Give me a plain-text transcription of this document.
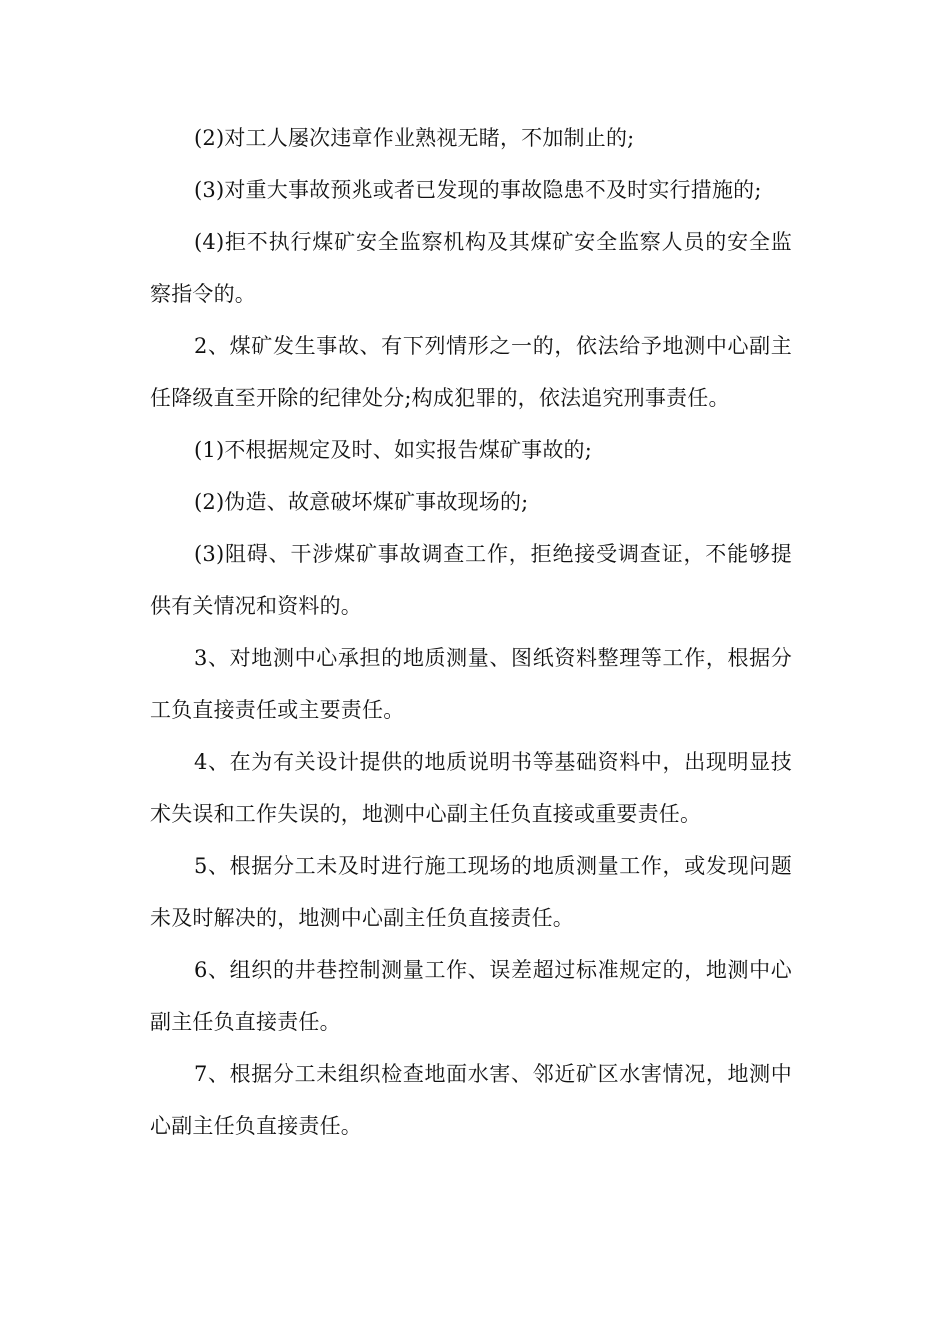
(2)对工人屡次违章作业熟视无睹，不加制止的;

(3)对重大事故预兆或者已发现的事故隐患不及时实行措施的;

(4)拒不执行煤矿安全监察机构及其煤矿安全监察人员的安全监察指令的。

2、煤矿发生事故、有下列情形之一的，依法给予地测中心副主任降级直至开除的纪律处分;构成犯罪的，依法追究刑事责任。

(1)不根据规定及时、如实报告煤矿事故的;

(2)伪造、故意破坏煤矿事故现场的;

(3)阻碍、干涉煤矿事故调查工作，拒绝接受调查证，不能够提供有关情况和资料的。

3、对地测中心承担的地质测量、图纸资料整理等工作，根据分工负直接责任或主要责任。

4、在为有关设计提供的地质说明书等基础资料中，出现明显技术失误和工作失误的，地测中心副主任负直接或重要责任。

5、根据分工未及时进行施工现场的地质测量工作，或发现问题未及时解决的，地测中心副主任负直接责任。

6、组织的井巷控制测量工作、误差超过标准规定的，地测中心副主任负直接责任。

7、根据分工未组织检查地面水害、邻近矿区水害情况，地测中心副主任负直接责任。
